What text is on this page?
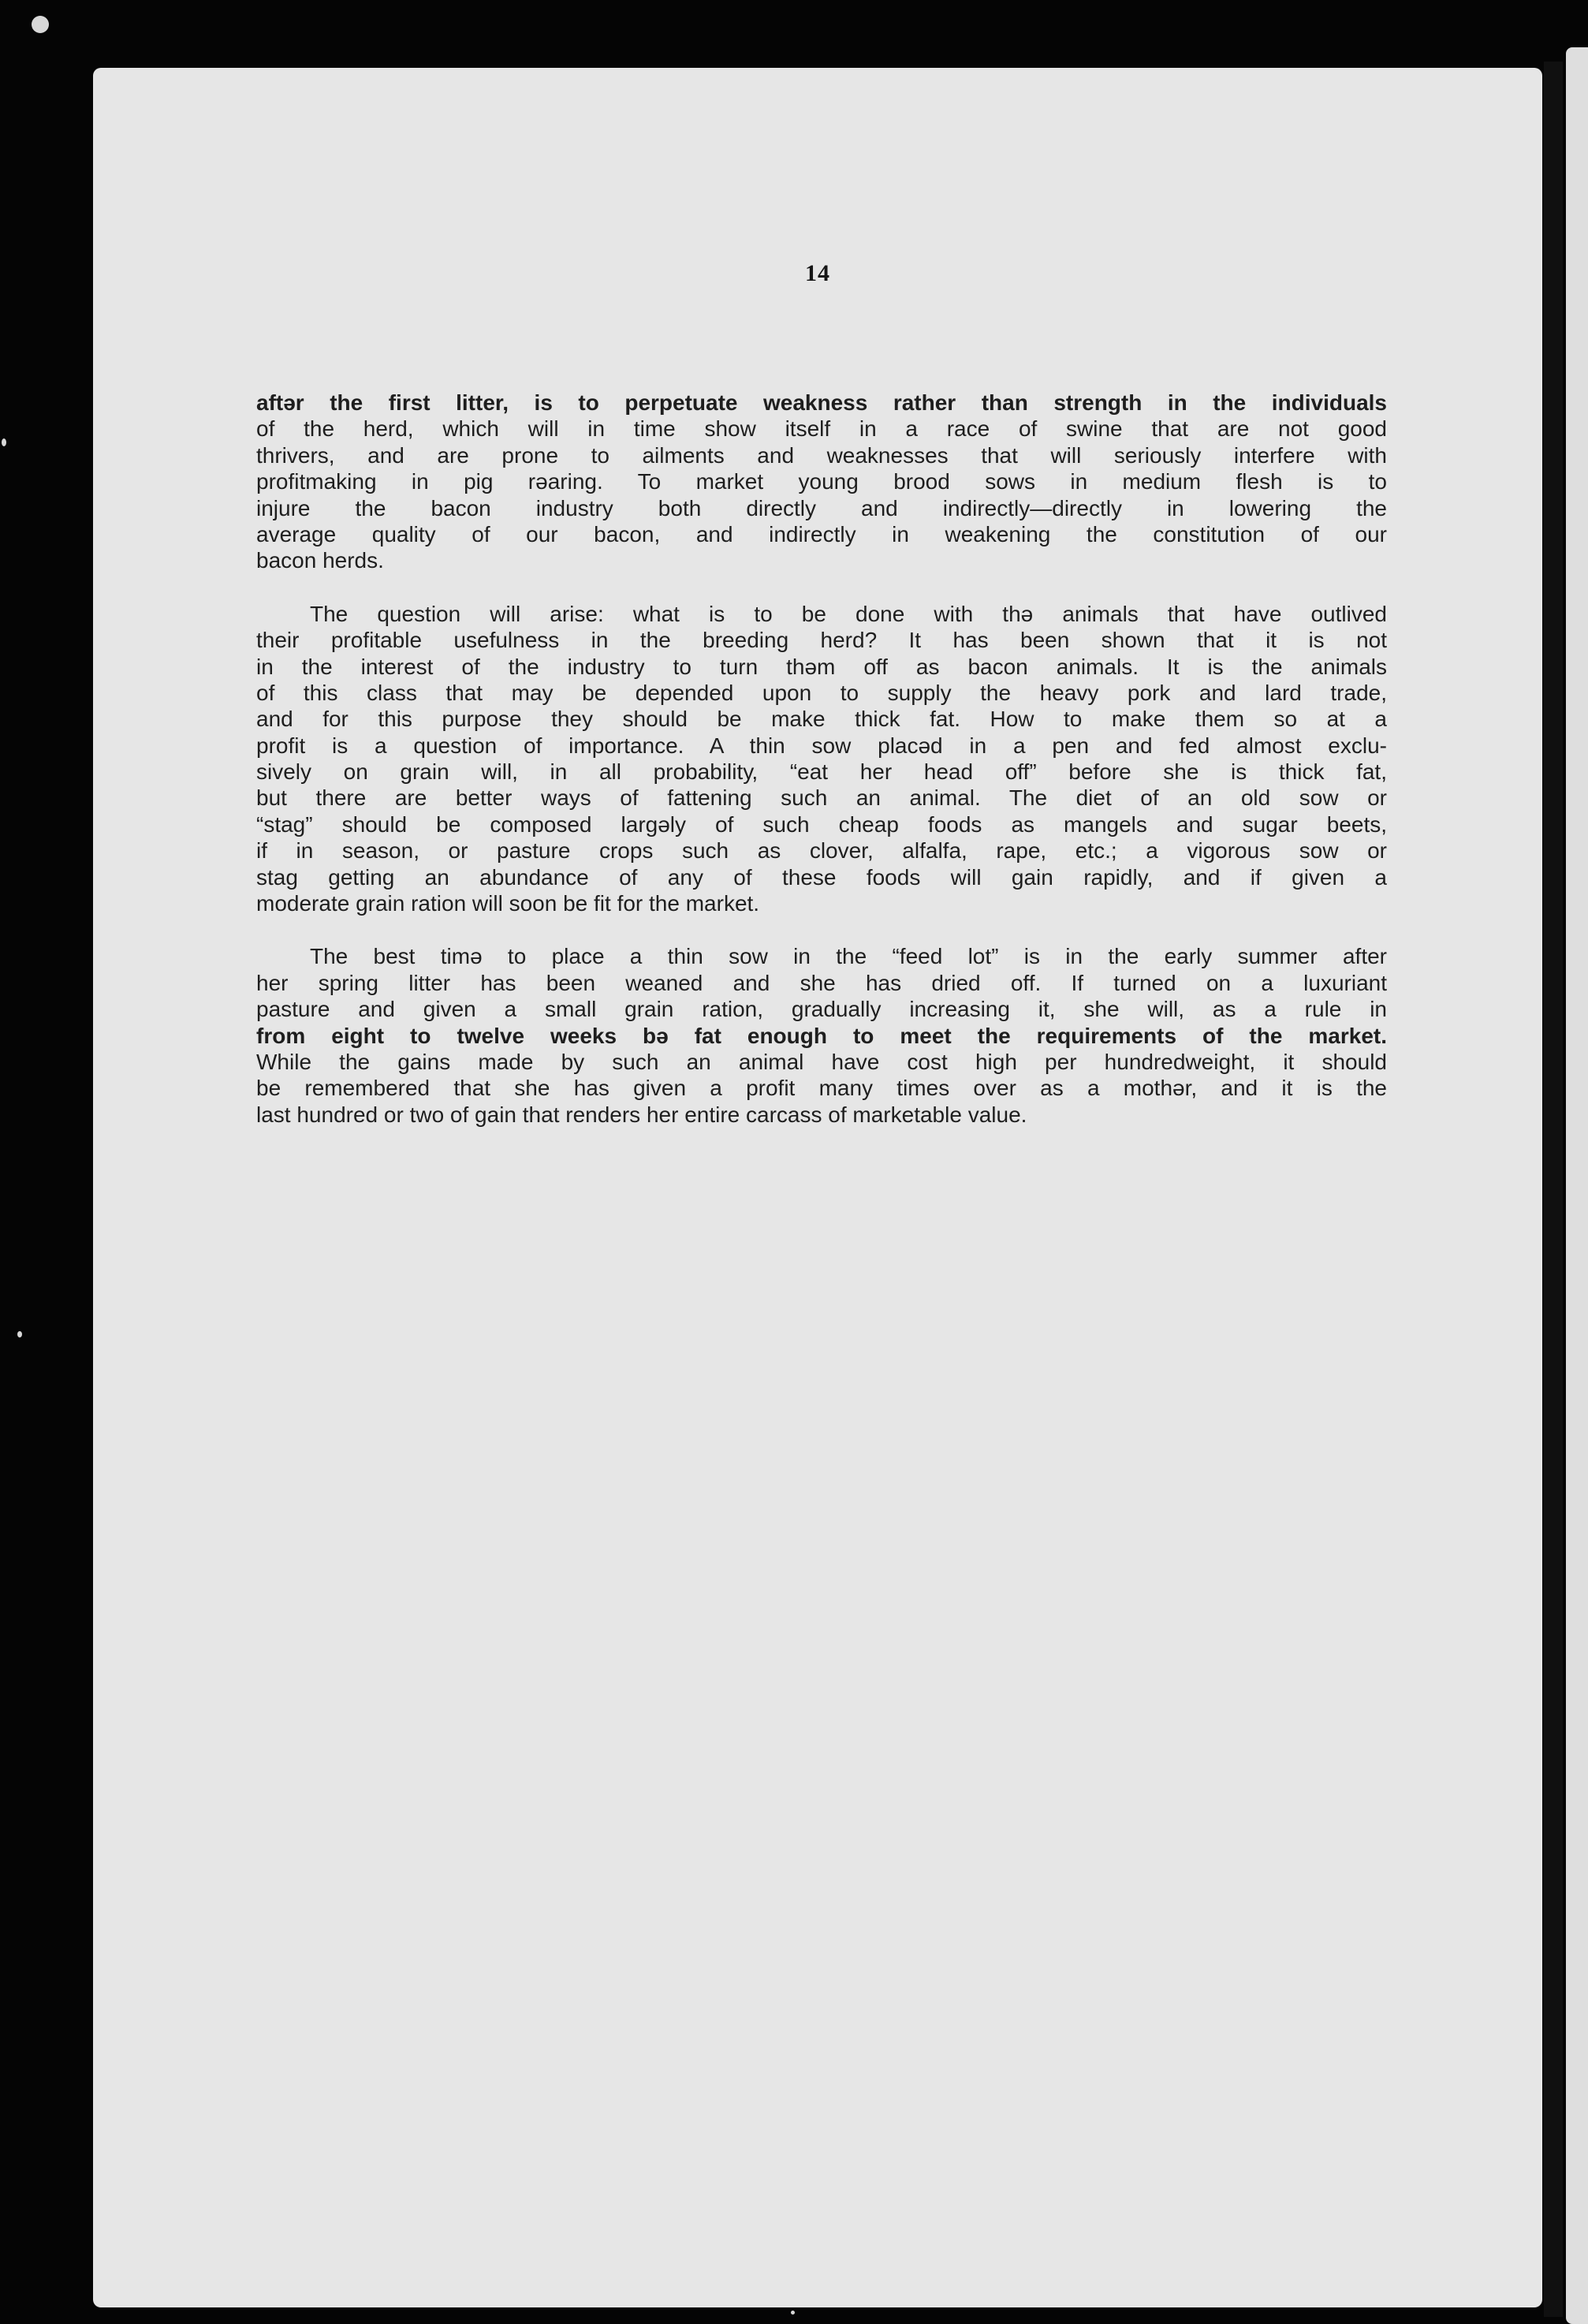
14
aftər the first litter, is to perpetuate weakness rather than strength in the individuals
of the herd, which will in time show itself in a race of swine that are not good
thrivers, and are prone to ailments and weaknesses that will seriously interfere with
profitmaking in pig rəaring. To market young brood sows in medium flesh is to
injure the bacon industry both directly and indirectly—directly in lowering the
average quality of our bacon, and indirectly in weakening the constitution of our
bacon herds.
The question will arise: what is to be done with thə animals that have outlived
their profitable usefulness in the breeding herd? It has been shown that it is not
in the interest of the industry to turn thəm off as bacon animals. It is the animals
of this class that may be depended upon to supply the heavy pork and lard trade,
and for this purpose they should be make thick fat. How to make them so at a
profit is a question of importance. A thin sow placəd in a pen and fed almost exclu-
sively on grain will, in all probabilitу, “eat her head off” before she is thick fat,
but there are better ways of fattening such an animal. The diet of an old sow or
“stag” should be composed largəly of such cheap foods as mangels and sugar beets,
if in season, or pasture crops such as clover, alfalfa, rape, etc.; a vigorous sow or
stag getting an abundance of any of these foods will gain rapidly, and if given a
moderate grain ration will soon be fit for the market.
The best timə to place a thin sow in the “feed lot” is in the early summer after
her spring litter has been weaned and she has dried off. If turned on a luxuriant
pasture and given a small grain ration, gradually increasing it, she will, as a rule in
from eight to twelve weeks bə fat enough to meet the requirements of the market.
While the gains made by such an animal have cost high per hundredweight, it should
be remembered that she has given a profit many times over as a mothər, and it is the
last hundred or two of gain that renders her entire carcass of marketable value.
